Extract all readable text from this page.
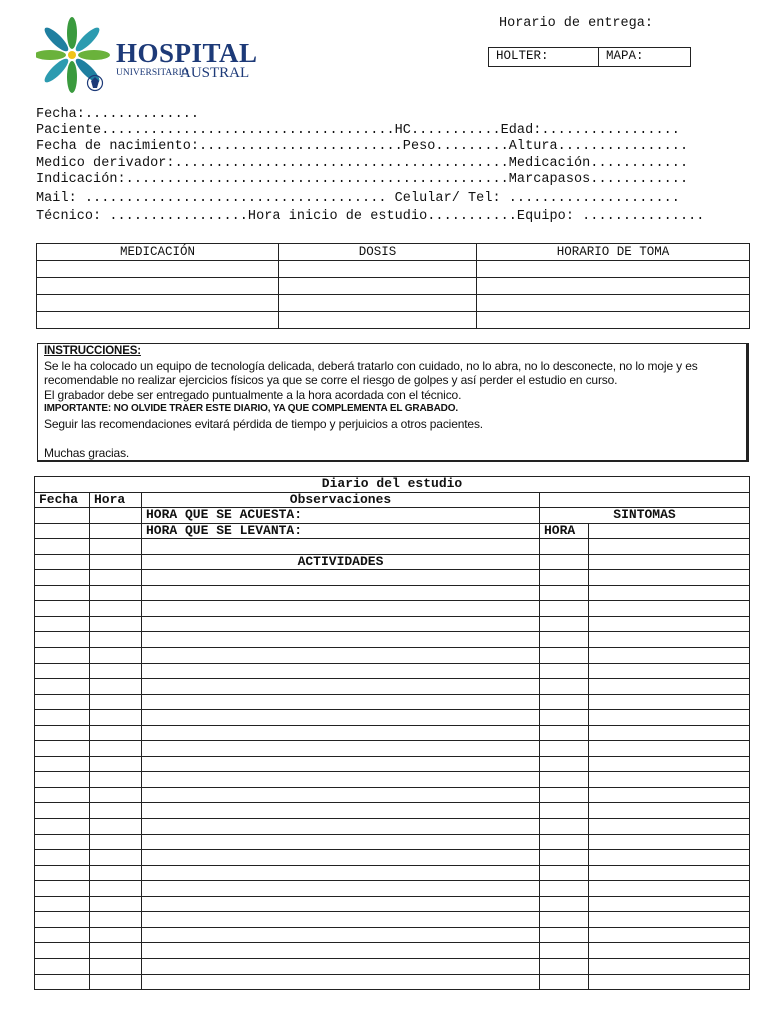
HOSPITAL
UNIVERSITARIO
AUSTRAL
Horario de entrega:
HOLTER:	MAPA:
Fecha:..............
Paciente....................................HC...........Edad:.................
Fecha de nacimiento:.........................Peso.........Altura................
Medico derivador:.........................................Medicación............
Indicación:...............................................Marcapasos............
Mail: ..................................... Celular/ Tel: .....................
Técnico: .................Hora inicio de estudio...........Equipo: ...............
MEDICACIÓN	DOSIS	HORARIO DE TOMA

INSTRUCCIONES:
Se le ha colocado un equipo de tecnología delicada, deberá tratarlo con cuidado, no lo abra, no lo desconecte, no lo moje y es
recomendable no realizar ejercicios físicos ya que se corre el riesgo de golpes y así perder el estudio en curso.
El grabador debe ser entregado puntualmente a la hora acordada con el técnico.
IMPORTANTE: NO OLVIDE TRAER ESTE DIARIO, YA QUE COMPLEMENTA EL GRABADO.
Seguir las recomendaciones evitará pérdida de tiempo y perjuicios a otros pacientes.
Muchas gracias.
Diario del estudio				
Fecha	Hora	Observaciones		
		HORA QUE SE ACUESTA:	SINTOMAS	
		HORA QUE SE LEVANTA:	HORA	

		ACTIVIDADES		
